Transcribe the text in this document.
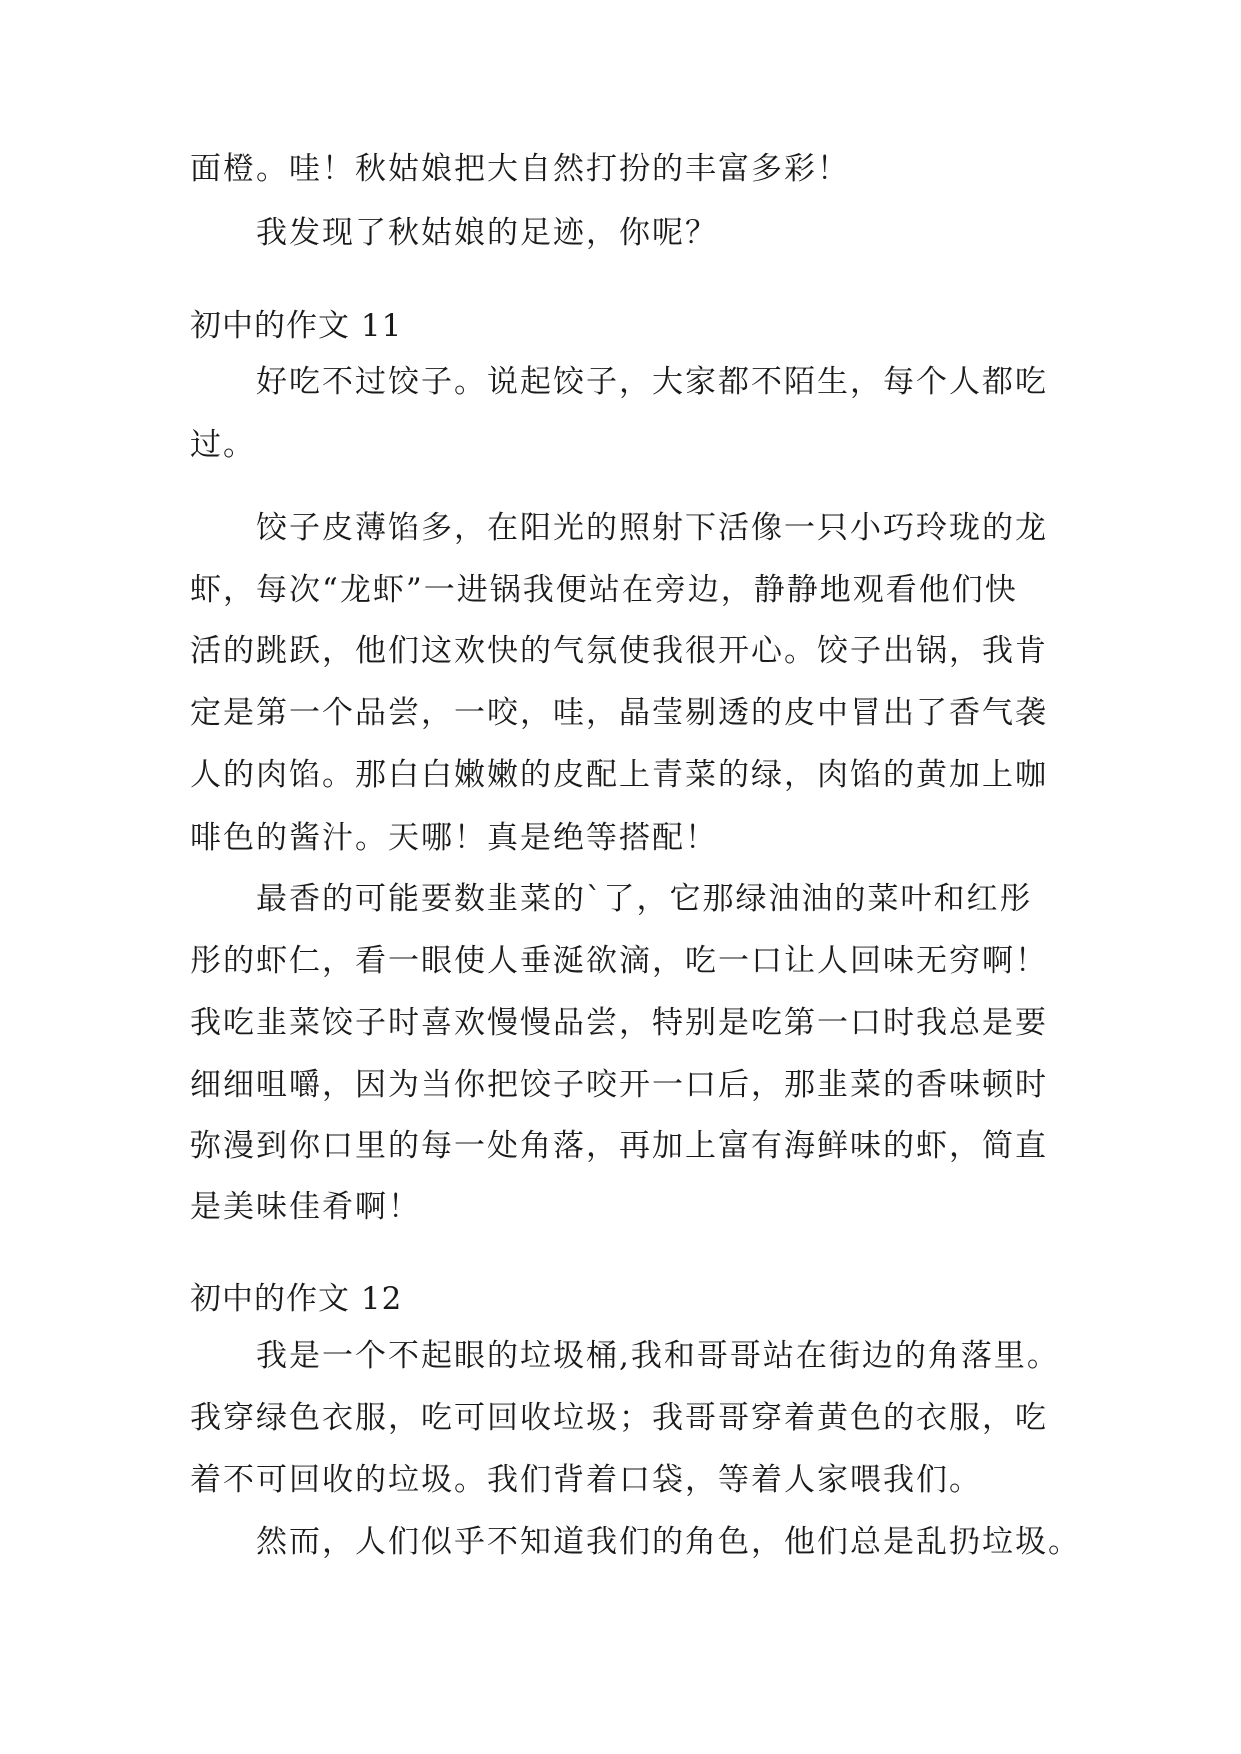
面橙。哇！秋姑娘把大自然打扮的丰富多彩！
我发现了秋姑娘的足迹，你呢？
初中的作文 11
好吃不过饺子。说起饺子，大家都不陌生，每个人都吃
过。
饺子皮薄馅多，在阳光的照射下活像一只小巧玲珑的龙
虾，每次“龙虾”一进锅我便站在旁边，静静地观看他们快
活的跳跃，他们这欢快的气氛使我很开心。饺子出锅，我肯
定是第一个品尝，一咬，哇，晶莹剔透的皮中冒出了香气袭
人的肉馅。那白白嫩嫩的皮配上青菜的绿，肉馅的黄加上咖
啡色的酱汁。天哪！真是绝等搭配！
最香的可能要数韭菜的`了，它那绿油油的菜叶和红彤
彤的虾仁，看一眼使人垂涎欲滴，吃一口让人回味无穷啊！
我吃韭菜饺子时喜欢慢慢品尝，特别是吃第一口时我总是要
细细咀嚼，因为当你把饺子咬开一口后，那韭菜的香味顿时
弥漫到你口里的每一处角落，再加上富有海鲜味的虾，简直
是美味佳肴啊！
初中的作文 12
我是一个不起眼的垃圾桶,我和哥哥站在街边的角落里。
我穿绿色衣服，吃可回收垃圾；我哥哥穿着黄色的衣服，吃
着不可回收的垃圾。我们背着口袋，等着人家喂我们。
然而，人们似乎不知道我们的角色，他们总是乱扔垃圾。
